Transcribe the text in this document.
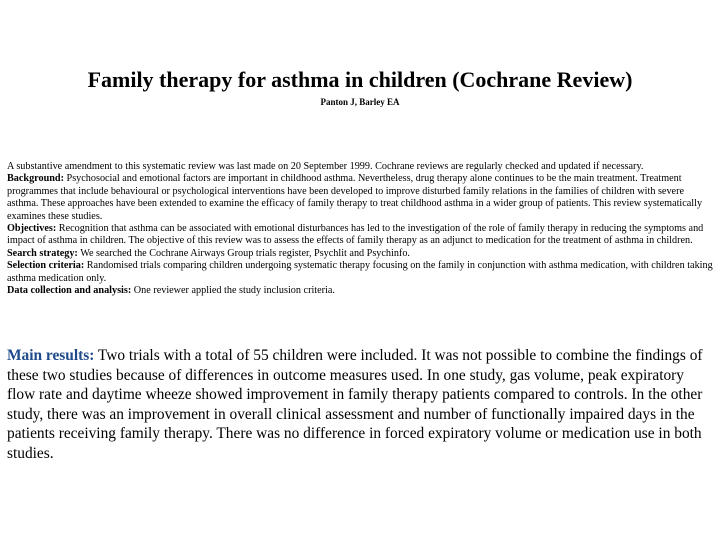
Family therapy for asthma in children (Cochrane Review)
Panton J, Barley EA

A substantive amendment to this systematic review was last made on 20 September 1999. Cochrane reviews are regularly checked and updated if necessary.

Background: Psychosocial and emotional factors are important in childhood asthma. Nevertheless, drug therapy alone continues to be the main treatment. Treatment programmes that include behavioural or psychological interventions have been developed to improve disturbed family relations in the families of children with severe asthma. These approaches have been extended to examine the efficacy of family therapy to treat childhood asthma in a wider group of patients. This review systematically examines these studies.

Objectives: Recognition that asthma can be associated with emotional disturbances has led to the investigation of the role of family therapy in reducing the symptoms and impact of asthma in children. The objective of this review was to assess the effects of family therapy as an adjunct to medication for the treatment of asthma in children.

Search strategy: We searched the Cochrane Airways Group trials register, Psychlit and Psychinfo.

Selection criteria: Randomised trials comparing children undergoing systematic therapy focusing on the family in conjunction with asthma medication, with children taking asthma medication only.

Data collection and analysis: One reviewer applied the study inclusion criteria.

Main results: Two trials with a total of 55 children were included. It was not possible to combine the findings of these two studies because of differences in outcome measures used. In one study, gas volume, peak expiratory flow rate and daytime wheeze showed improvement in family therapy patients compared to controls. In the other study, there was an improvement in overall clinical assessment and number of functionally impaired days in the patients receiving family therapy. There was no difference in forced expiratory volume or medication use in both studies.
